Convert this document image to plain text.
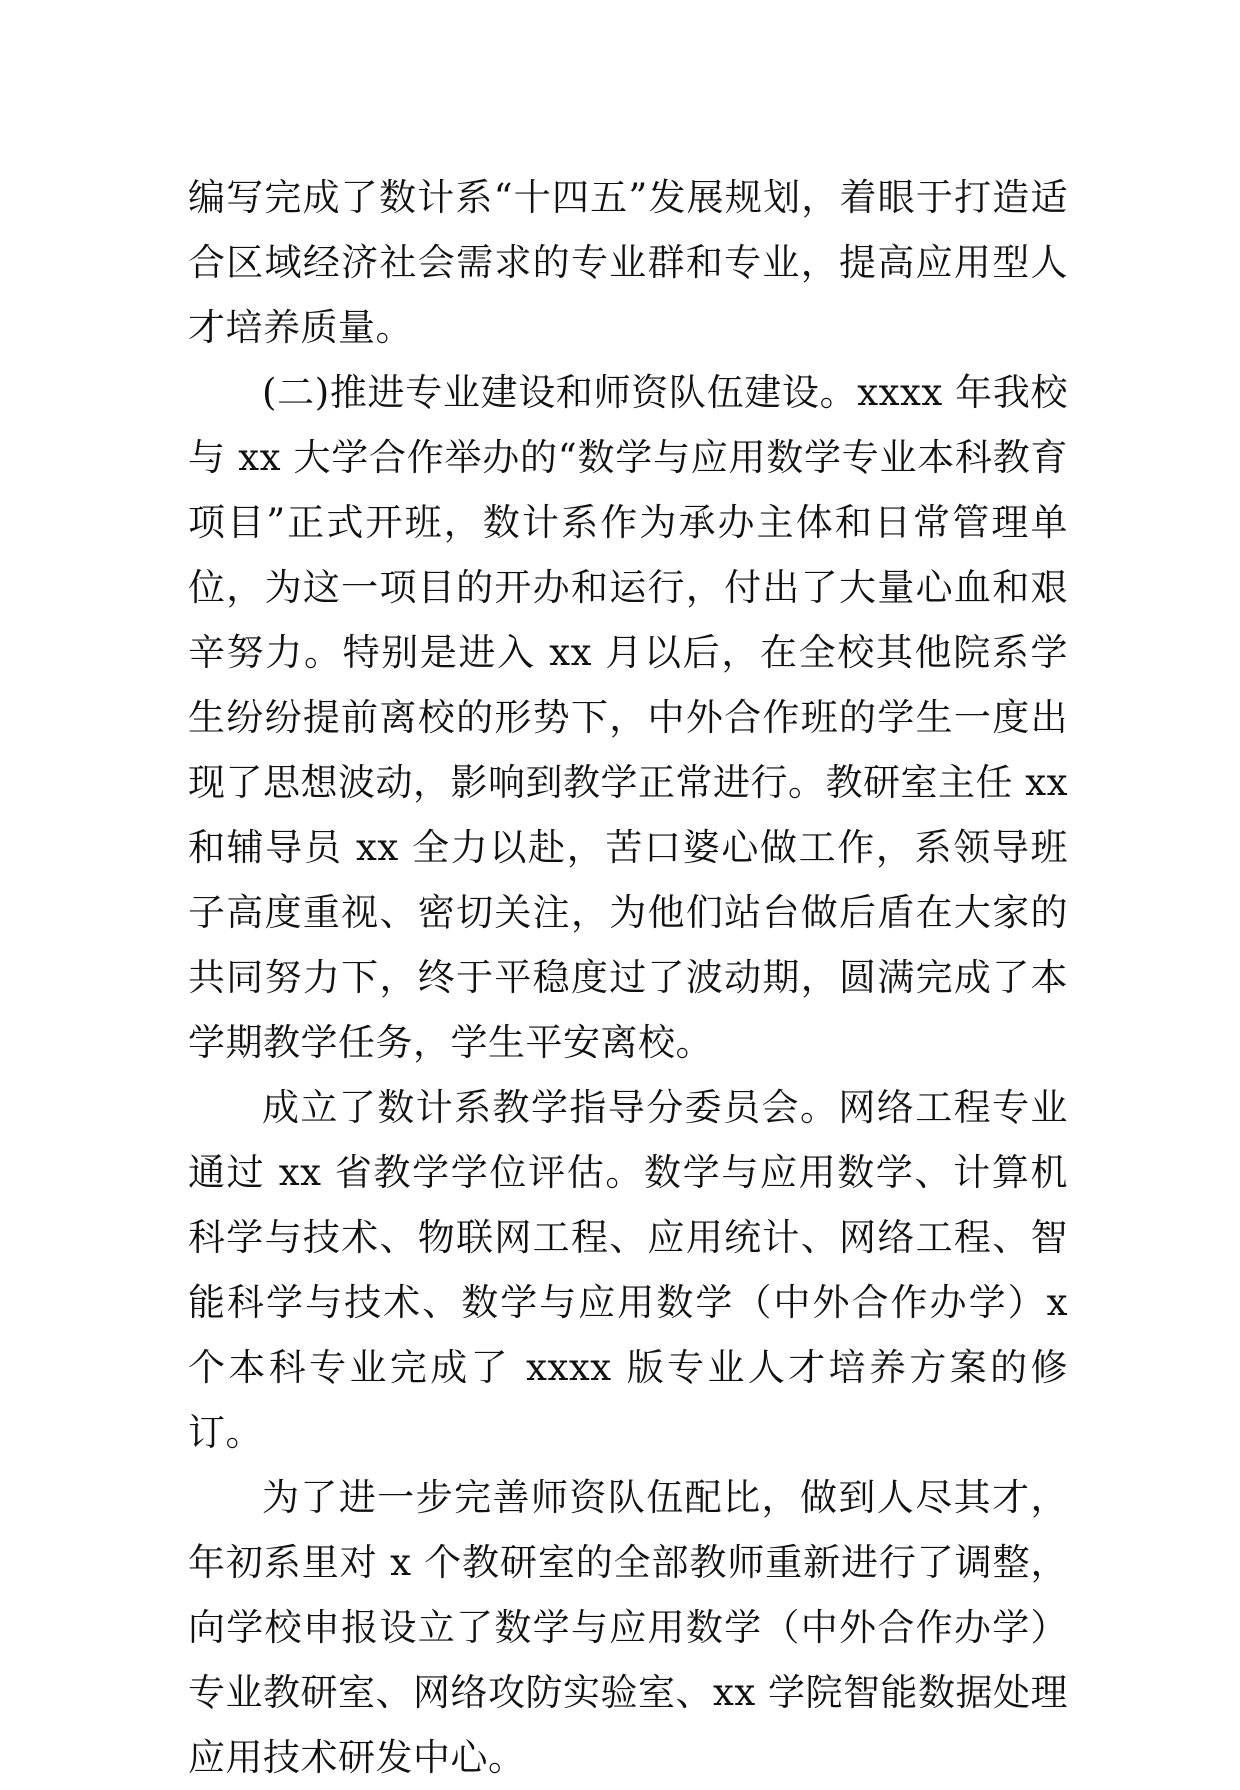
编写完成了数计系“十四五”发展规划，着眼于打造适合区域经济社会需求的专业群和专业，提高应用型人才培养质量。

(二)推进专业建设和师资队伍建设。xxxx 年我校与 xx 大学合作举办的“数学与应用数学专业本科教育项目”正式开班，数计系作为承办主体和日常管理单位，为这一项目的开办和运行，付出了大量心血和艰辛努力。特别是进入 xx 月以后，在全校其他院系学生纷纷提前离校的形势下，中外合作班的学生一度出现了思想波动，影响到教学正常进行。教研室主任 xx 和辅导员 xx 全力以赴，苦口婆心做工作，系领导班子高度重视、密切关注，为他们站台做后盾在大家的共同努力下，终于平稳度过了波动期，圆满完成了本学期教学任务，学生平安离校。

成立了数计系教学指导分委员会。网络工程专业通过 xx 省教学学位评估。数学与应用数学、计算机科学与技术、物联网工程、应用统计、网络工程、智能科学与技术、数学与应用数学（中外合作办学）x 个本科专业完成了 xxxx 版专业人才培养方案的修订。

为了进一步完善师资队伍配比，做到人尽其才，年初系里对 x 个教研室的全部教师重新进行了调整，向学校申报设立了数学与应用数学（中外合作办学）专业教研室、网络攻防实验室、xx 学院智能数据处理应用技术研发中心。
